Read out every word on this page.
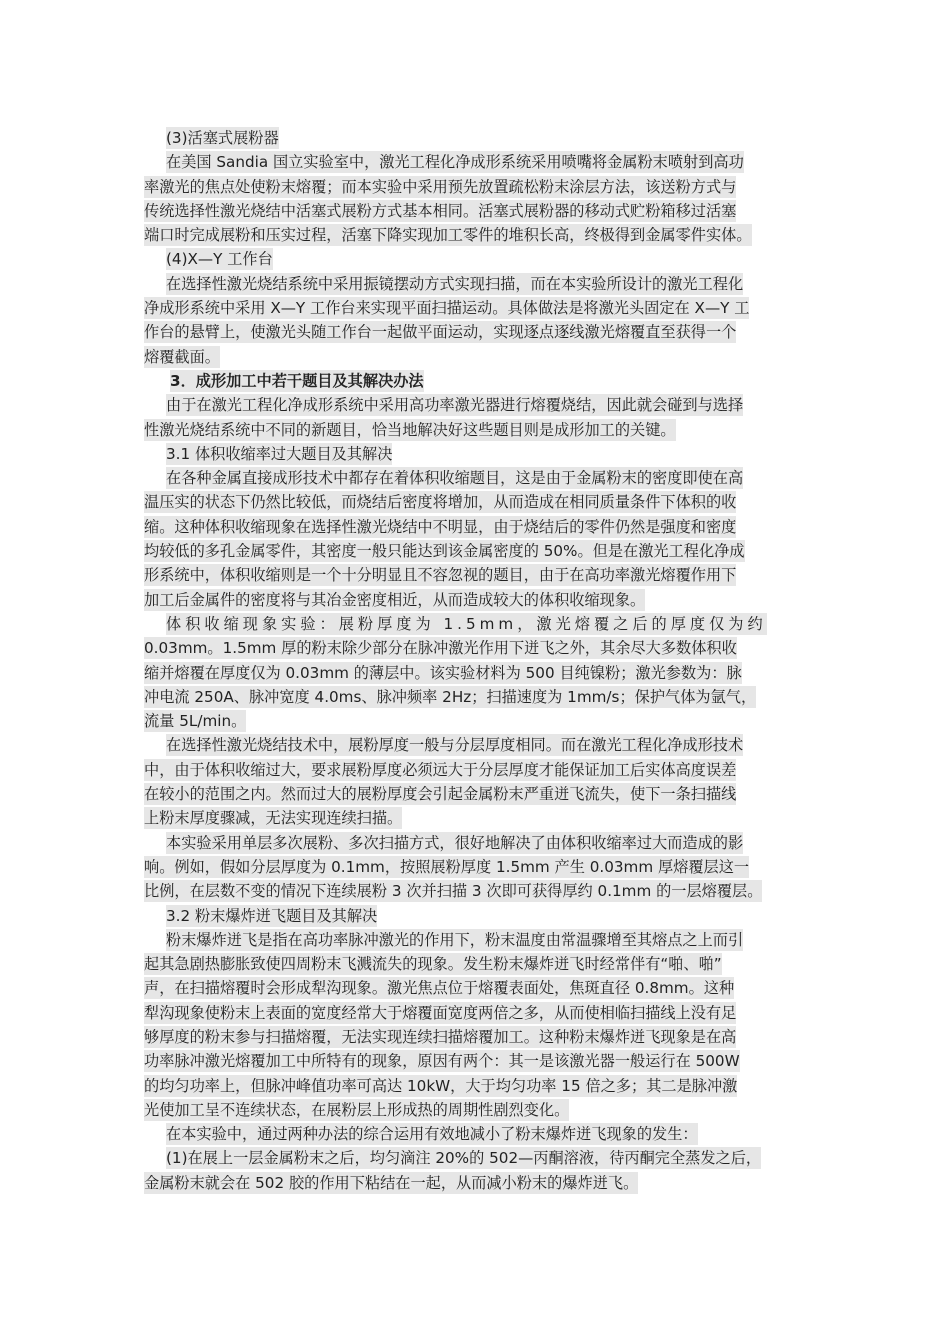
(3)活塞式展粉器
在美国 Sandia 国立实验室中，激光工程化净成形系统采用喷嘴将金属粉末喷射到高功
率激光的焦点处使粉末熔覆；而本实验中采用预先放置疏松粉末涂层方法，该送粉方式与
传统选择性激光烧结中活塞式展粉方式基本相同。活塞式展粉器的移动式贮粉箱移过活塞
端口时完成展粉和压实过程，活塞下降实现加工零件的堆积长高，终极得到金属零件实体。
(4)X—Y 工作台
在选择性激光烧结系统中采用振镜摆动方式实现扫描，而在本实验所设计的激光工程化
净成形系统中采用 X—Y 工作台来实现平面扫描运动。具体做法是将激光头固定在 X—Y 工
作台的悬臂上，使激光头随工作台一起做平面运动，实现逐点逐线激光熔覆直至获得一个
熔覆截面。
3．成形加工中若干题目及其解决办法
由于在激光工程化净成形系统中采用高功率激光器进行熔覆烧结，因此就会碰到与选择
性激光烧结系统中不同的新题目，恰当地解决好这些题目则是成形加工的关键。
3.1 体积收缩率过大题目及其解决
在各种金属直接成形技术中都存在着体积收缩题目，这是由于金属粉末的密度即使在高
温压实的状态下仍然比较低，而烧结后密度将增加，从而造成在相同质量条件下体积的收
缩。这种体积收缩现象在选择性激光烧结中不明显，由于烧结后的零件仍然是强度和密度
均较低的多孔金属零件，其密度一般只能达到该金属密度的 50%。但是在激光工程化净成
形系统中，体积收缩则是一个十分明显且不容忽视的题目，由于在高功率激光熔覆作用下
加工后金属件的密度将与其冶金密度相近，从而造成较大的体积收缩现象。
体积收缩现象实验：展粉厚度为 1.5mm，激光熔覆之后的厚度仅为约
0.03mm。1.5mm 厚的粉末除少部分在脉冲激光作用下迸飞之外，其余尽大多数体积收
缩并熔覆在厚度仅为 0.03mm 的薄层中。该实验材料为 500 目纯镍粉；激光参数为：脉
冲电流 250A、脉冲宽度 4.0ms、脉冲频率 2Hz；扫描速度为 1mm/s；保护气体为氩气，
流量 5L/min。
在选择性激光烧结技术中，展粉厚度一般与分层厚度相同。而在激光工程化净成形技术
中，由于体积收缩过大，要求展粉厚度必须远大于分层厚度才能保证加工后实体高度误差
在较小的范围之内。然而过大的展粉厚度会引起金属粉末严重迸飞流失，使下一条扫描线
上粉末厚度骤减，无法实现连续扫描。
本实验采用单层多次展粉、多次扫描方式，很好地解决了由体积收缩率过大而造成的影
响。例如，假如分层厚度为 0.1mm，按照展粉厚度 1.5mm 产生 0.03mm 厚熔覆层这一
比例，在层数不变的情况下连续展粉 3 次并扫描 3 次即可获得厚约 0.1mm 的一层熔覆层。
3.2 粉末爆炸迸飞题目及其解决
粉末爆炸迸飞是指在高功率脉冲激光的作用下，粉末温度由常温骤增至其熔点之上而引
起其急剧热膨胀致使四周粉末飞溅流失的现象。发生粉末爆炸迸飞时经常伴有“啪、啪”
声，在扫描熔覆时会形成犁沟现象。激光焦点位于熔覆表面处，焦斑直径 0.8mm。这种
犁沟现象使粉末上表面的宽度经常大于熔覆面宽度两倍之多，从而使相临扫描线上没有足
够厚度的粉末参与扫描熔覆，无法实现连续扫描熔覆加工。这种粉末爆炸迸飞现象是在高
功率脉冲激光熔覆加工中所特有的现象，原因有两个：其一是该激光器一般运行在 500W
的均匀功率上，但脉冲峰值功率可高达 10kW，大于均匀功率 15 倍之多；其二是脉冲激
光使加工呈不连续状态，在展粉层上形成热的周期性剧烈变化。
在本实验中，通过两种办法的综合运用有效地减小了粉末爆炸迸飞现象的发生：
(1)在展上一层金属粉末之后，均匀滴注 20%的 502—丙酮溶液，待丙酮完全蒸发之后，
金属粉末就会在 502 胶的作用下粘结在一起，从而减小粉末的爆炸迸飞。
